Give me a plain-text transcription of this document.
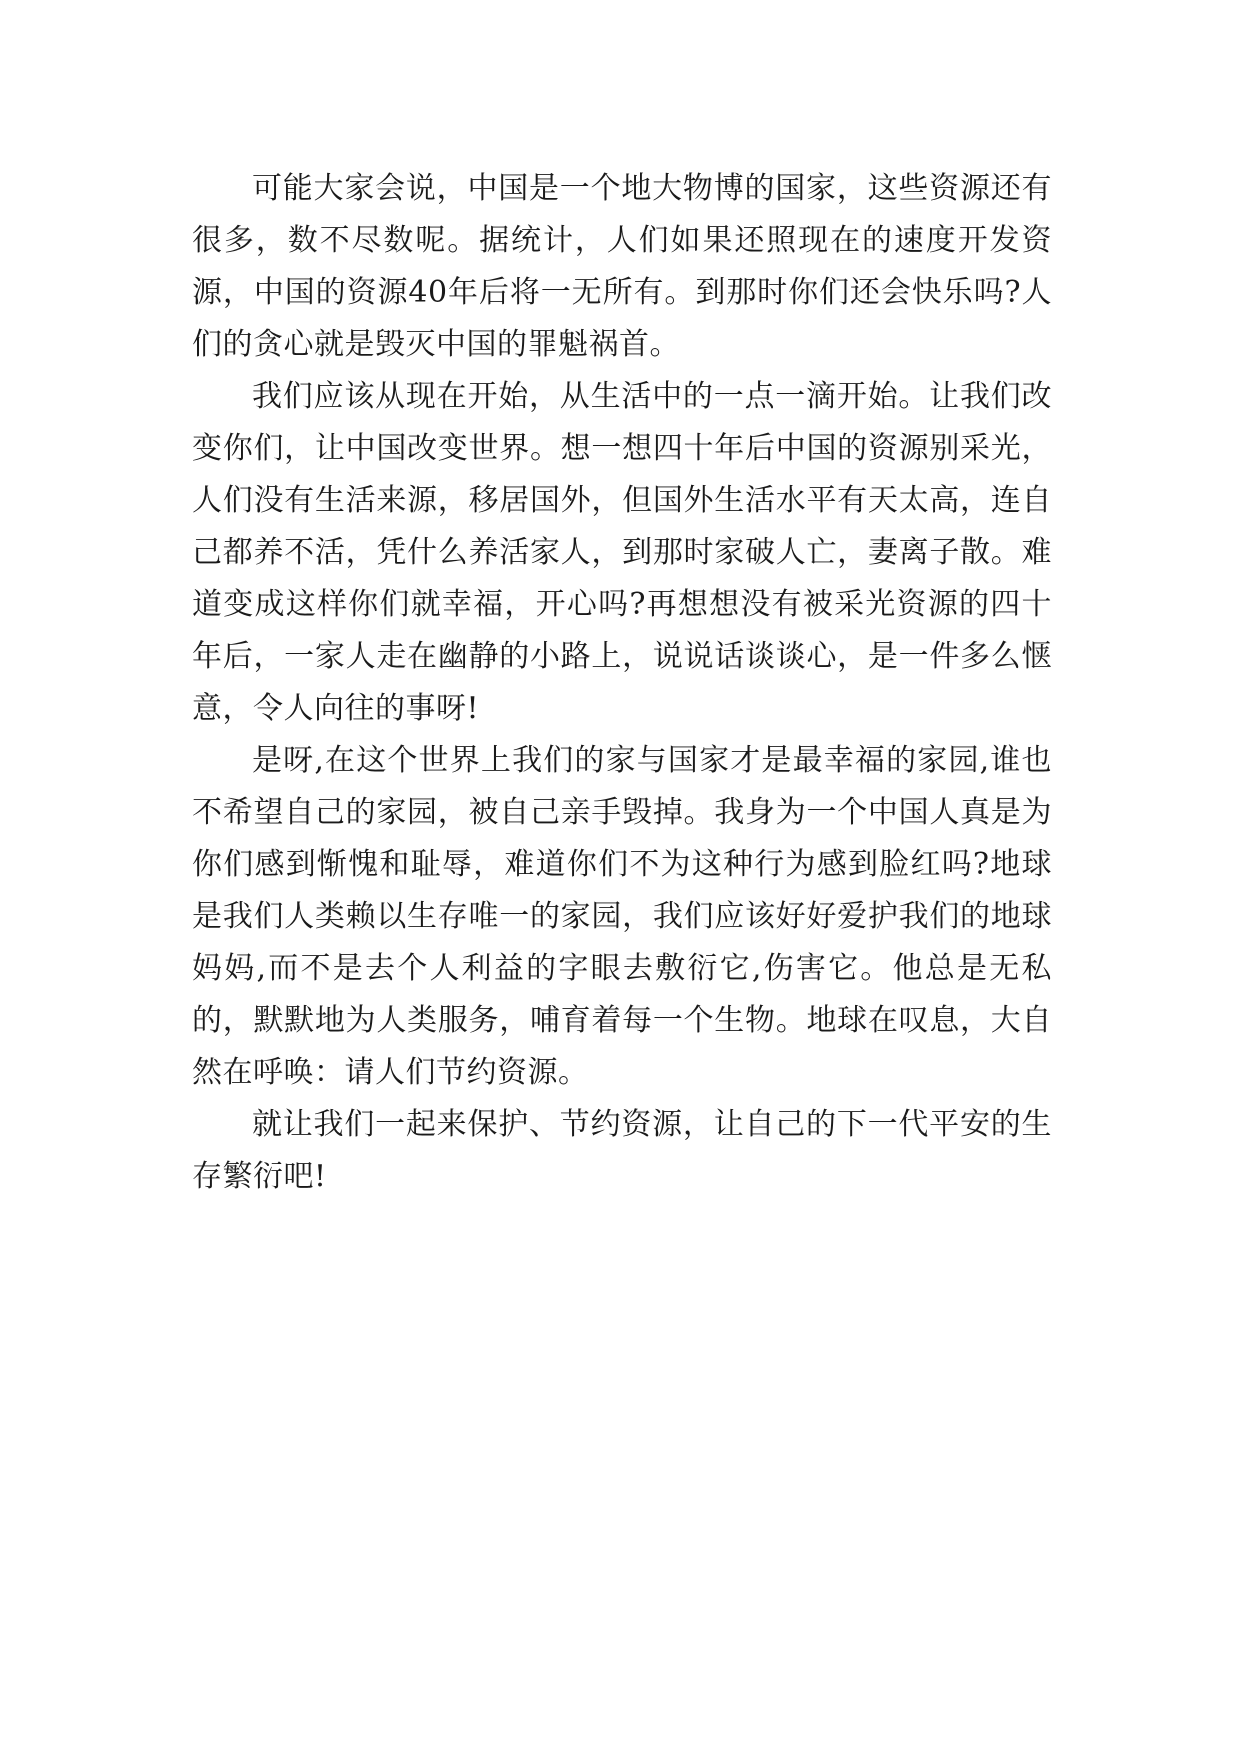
可能大家会说，中国是一个地大物博的国家，这些资源还有很多，数不尽数呢。据统计，人们如果还照现在的速度开发资源，中国的资源40年后将一无所有。到那时你们还会快乐吗?人们的贪心就是毁灭中国的罪魁祸首。

我们应该从现在开始，从生活中的一点一滴开始。让我们改变你们，让中国改变世界。想一想四十年后中国的资源别采光，人们没有生活来源，移居国外，但国外生活水平有天太高，连自己都养不活，凭什么养活家人，到那时家破人亡，妻离子散。难道变成这样你们就幸福，开心吗?再想想没有被采光资源的四十年后，一家人走在幽静的小路上，说说话谈谈心，是一件多么惬意，令人向往的事呀!

是呀,在这个世界上我们的家与国家才是最幸福的家园,谁也不希望自己的家园，被自己亲手毁掉。我身为一个中国人真是为你们感到惭愧和耻辱，难道你们不为这种行为感到脸红吗?地球是我们人类赖以生存唯一的家园，我们应该好好爱护我们的地球妈妈,而不是去个人利益的字眼去敷衍它,伤害它。他总是无私的，默默地为人类服务，哺育着每一个生物。地球在叹息，大自然在呼唤：请人们节约资源。

就让我们一起来保护、节约资源，让自己的下一代平安的生存繁衍吧!
